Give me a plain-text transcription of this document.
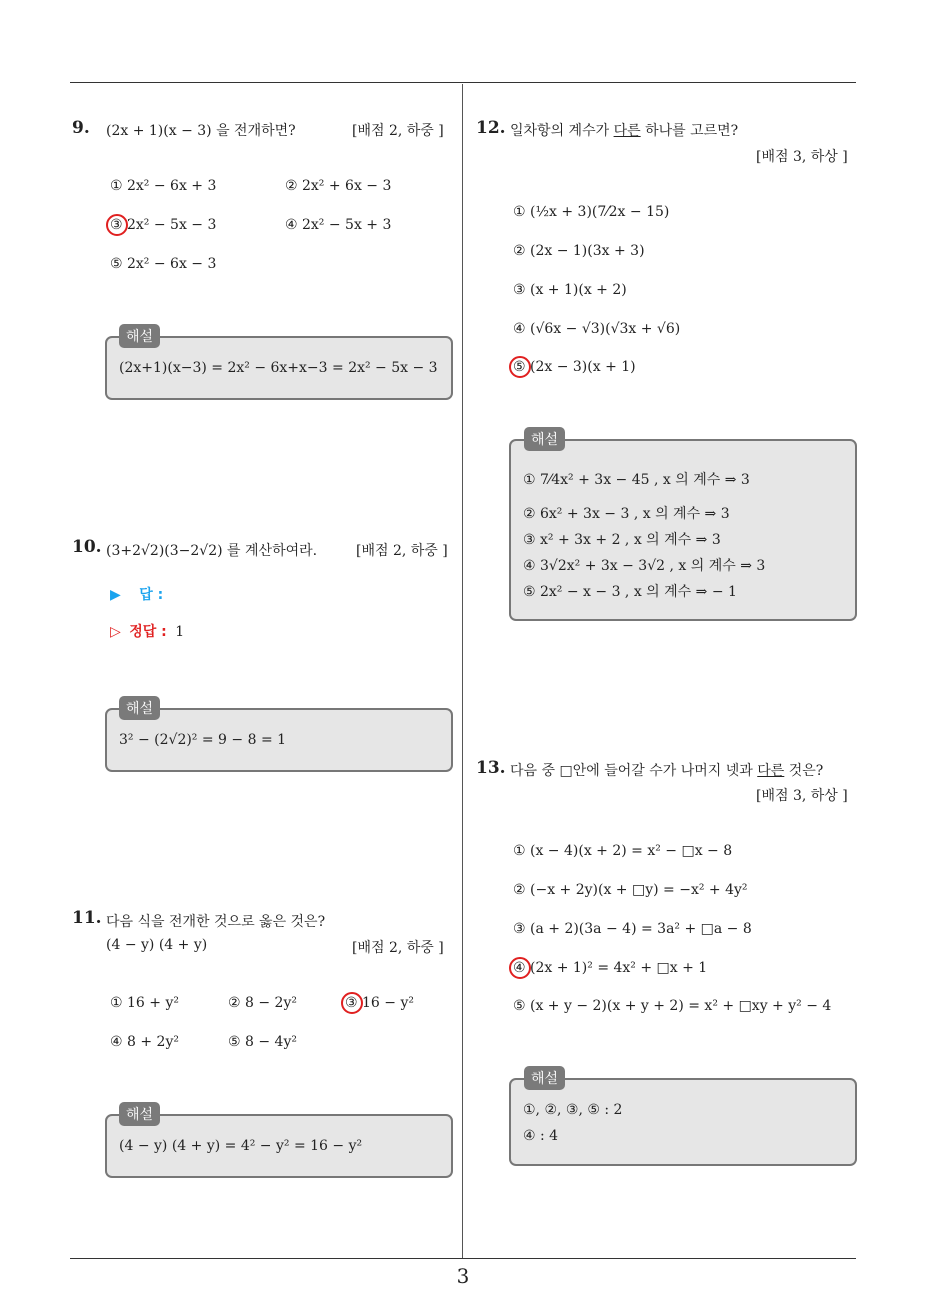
9. (2x + 1)(x − 3) 을 전개하면?	[배점 2, 하중 ]
① 2x² − 6x + 3	② 2x² + 6x − 3
③ 2x² − 5x − 3	④ 2x² − 5x + 3
⑤ 2x² − 6x − 3
(2x+1)(x−3) = 2x² − 6x+x−3 = 2x² − 5x − 3
해설
10. (3+2√2)(3−2√2) 를 계산하여라.	[배점 2, 하중 ]
▶ 답 :
▷ 정답 : 1
3² − (2√2)² = 9 − 8 = 1
해설
11. 다음 식을 전개한 것으로 옳은 것은?
(4 − y) (4 + y)	[배점 2, 하중 ]
① 16 + y²	② 8 − 2y²	③ 16 − y²
④ 8 + 2y²	⑤ 8 − 4y²
(4 − y) (4 + y) = 4² − y² = 16 − y²
해설
12. 일차항의 계수가 다른 하나를 고르면?
[배점 3, 하상 ]
① (½x + 3)(7⁄2x − 15)
② (2x − 1)(3x + 3)
③ (x + 1)(x + 2)
④ (√6x − √3)(√3x + √6)
⑤ (2x − 3)(x + 1)
① 7⁄4x² + 3x − 45 , x 의 계수 ⇒ 3
② 6x² + 3x − 3 , x 의 계수 ⇒ 3
③ x² + 3x + 2 , x 의 계수 ⇒ 3
④ 3√2x² + 3x − 3√2 , x 의 계수 ⇒ 3
⑤ 2x² − x − 3 , x 의 계수 ⇒ − 1
해설
13. 다음 중 □안에 들어갈 수가 나머지 넷과 다른 것은?
[배점 3, 하상 ]
① (x − 4)(x + 2) = x² − □x − 8
② (−x + 2y)(x + □y) = −x² + 4y²
③ (a + 2)(3a − 4) = 3a² + □a − 8
④ (2x + 1)² = 4x² + □x + 1
⑤ (x + y − 2)(x + y + 2) = x² + □xy + y² − 4
①, ②, ③, ⑤ : 2
④ : 4
해설
3
